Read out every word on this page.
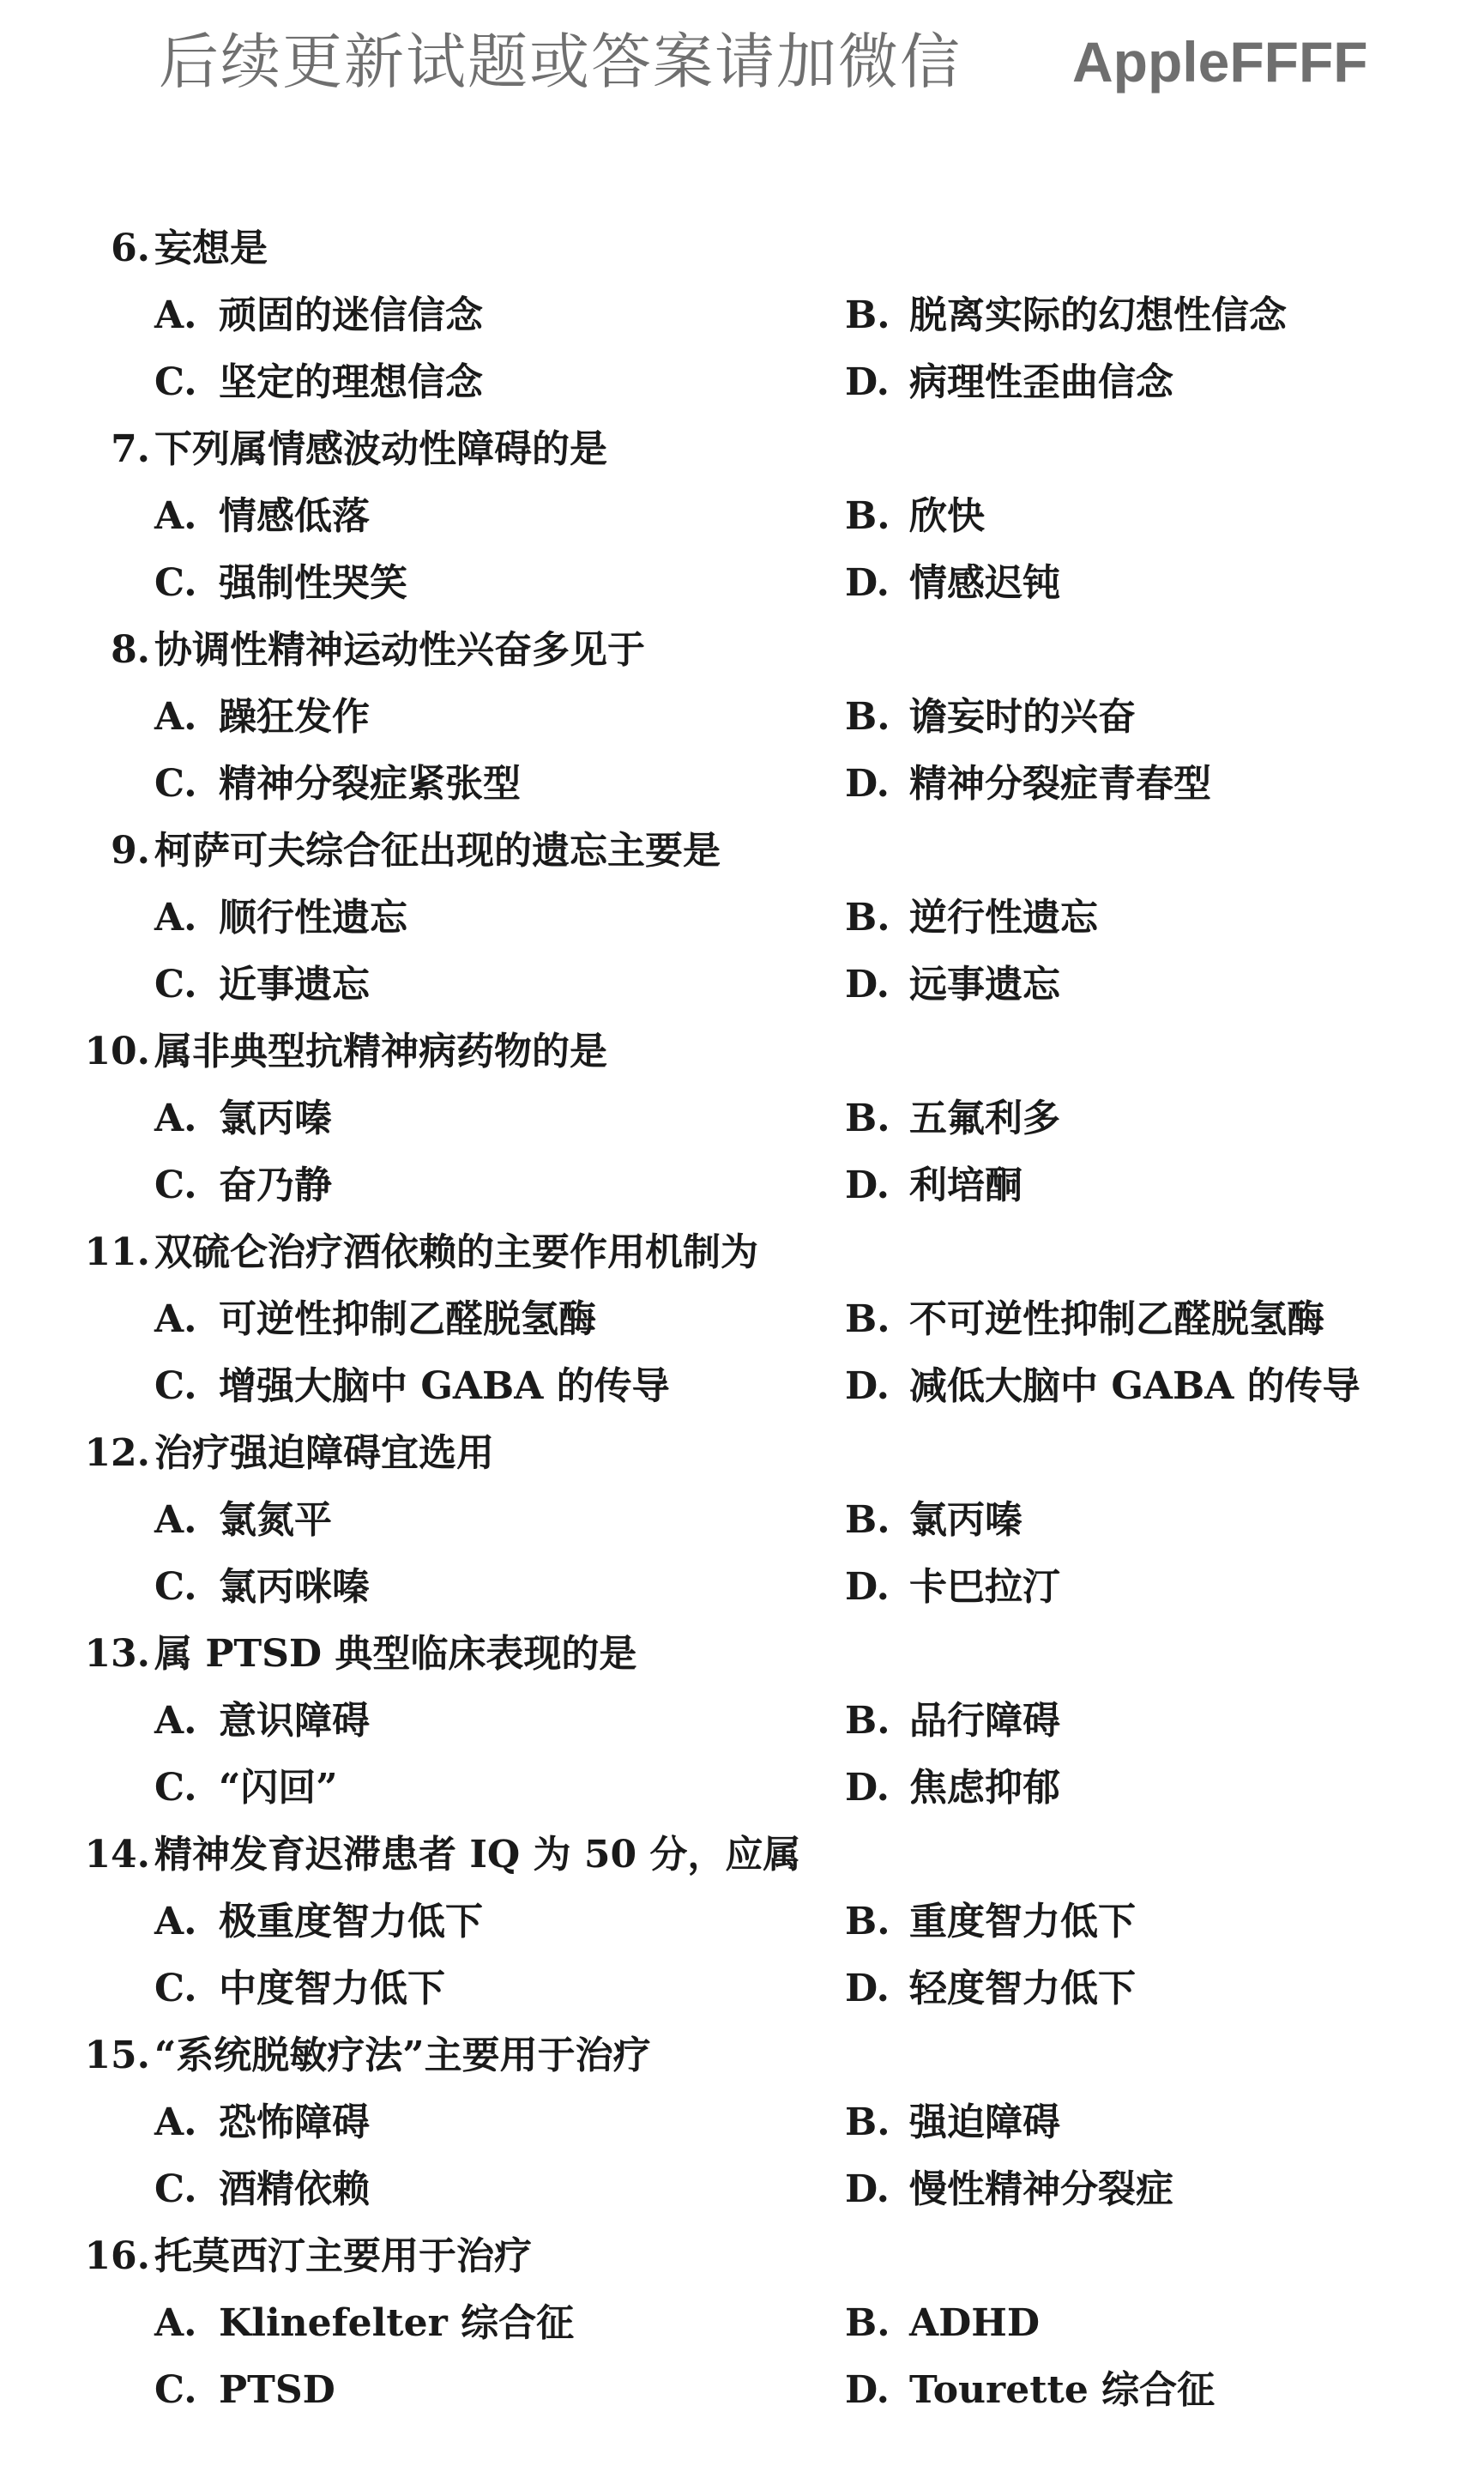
后续更新试题或答案请加微信 AppleFFFF
6. 妄想是
A. 顽固的迷信信念	B. 脱离实际的幻想性信念
C. 坚定的理想信念	D. 病理性歪曲信念
7. 下列属情感波动性障碍的是
A. 情感低落	B. 欣快
C. 强制性哭笑	D. 情感迟钝
8. 协调性精神运动性兴奋多见于
A. 躁狂发作	B. 谵妄时的兴奋
C. 精神分裂症紧张型	D. 精神分裂症青春型
9. 柯萨可夫综合征出现的遗忘主要是
A. 顺行性遗忘	B. 逆行性遗忘
C. 近事遗忘	D. 远事遗忘
10. 属非典型抗精神病药物的是
A. 氯丙嗪	B. 五氟利多
C. 奋乃静	D. 利培酮
11. 双硫仑治疗酒依赖的主要作用机制为
A. 可逆性抑制乙醛脱氢酶	B. 不可逆性抑制乙醛脱氢酶
C. 增强大脑中 GABA 的传导	D. 减低大脑中 GABA 的传导
12. 治疗强迫障碍宜选用
A. 氯氮平	B. 氯丙嗪
C. 氯丙咪嗪	D. 卡巴拉汀
13. 属 PTSD 典型临床表现的是
A. 意识障碍	B. 品行障碍
C. “闪回”	D. 焦虑抑郁
14. 精神发育迟滞患者 IQ 为 50 分，应属
A. 极重度智力低下	B. 重度智力低下
C. 中度智力低下	D. 轻度智力低下
15. “系统脱敏疗法”主要用于治疗
A. 恐怖障碍	B. 强迫障碍
C. 酒精依赖	D. 慢性精神分裂症
16. 托莫西汀主要用于治疗
A. Klinefelter 综合征	B. ADHD
C. PTSD	D. Tourette 综合征
